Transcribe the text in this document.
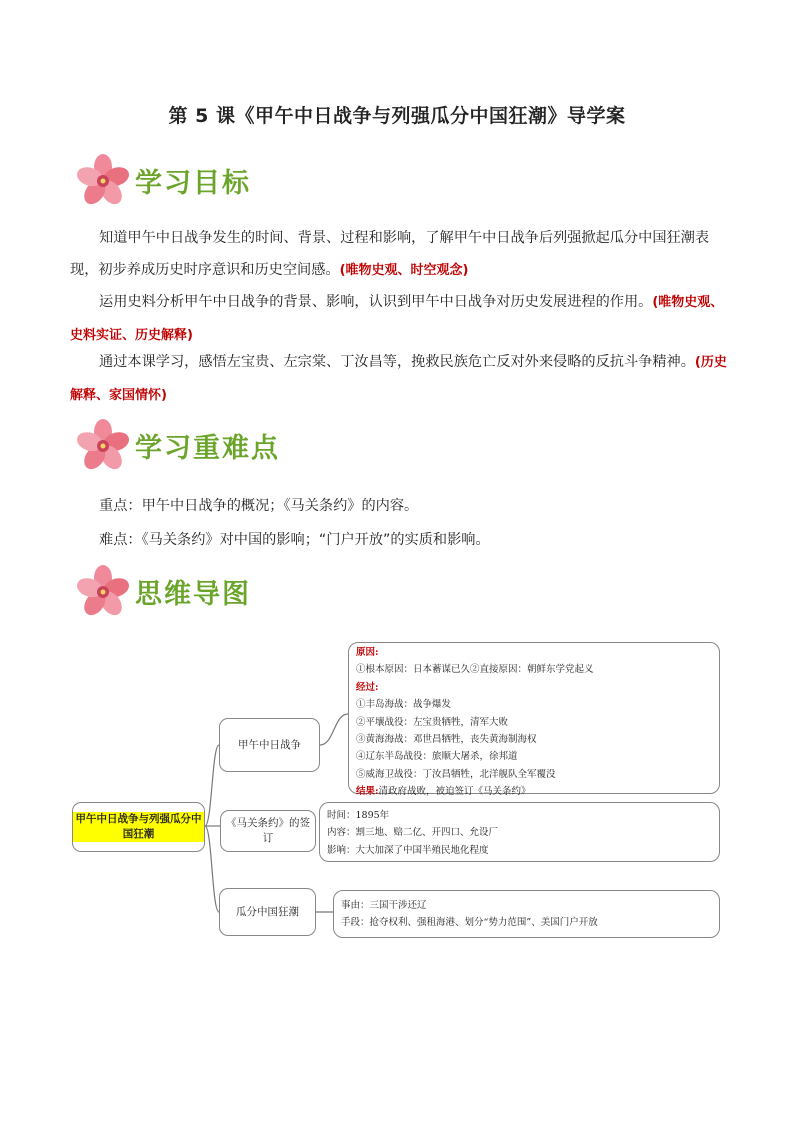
第 5 课《甲午中日战争与列强瓜分中国狂潮》导学案
学习目标
知道甲午中日战争发生的时间、背景、过程和影响，了解甲午中日战争后列强掀起瓜分中国狂潮表现，初步养成历史时序意识和历史空间感。(唯物史观、时空观念)
运用史料分析甲午中日战争的背景、影响，认识到甲午中日战争对历史发展进程的作用。(唯物史观、史料实证、历史解释)
通过本课学习，感悟左宝贵、左宗棠、丁汝昌等，挽救民族危亡反对外来侵略的反抗斗争精神。(历史解释、家国情怀)
学习重难点
重点：甲午中日战争的概况；《马关条约》的内容。
难点：《马关条约》对中国的影响；“门户开放”的实质和影响。
思维导图
甲午中日战争与列强瓜分中国狂潮
甲午中日战争
《马关条约》的签订
瓜分中国狂潮
原因:
①根本原因：日本蓄谋已久②直接原因：朝鲜东学党起义
经过:
①丰岛海战：战争爆发
②平壤战役：左宝贵牺牲，清军大败
③黄海海战：邓世昌牺牲，丧失黄海制海权
④辽东半岛战役：旅顺大屠杀，徐邦道
⑤威海卫战役：丁汝昌牺牲，北洋舰队全军覆没
结果:清政府战败，被迫签订《马关条约》
时间：1895年
内容：割三地、赔二亿、开四口、允设厂
影响：大大加深了中国半殖民地化程度
事由：三国干涉还辽
手段：抢夺权利、强租海港、划分“势力范围”、美国门户开放
